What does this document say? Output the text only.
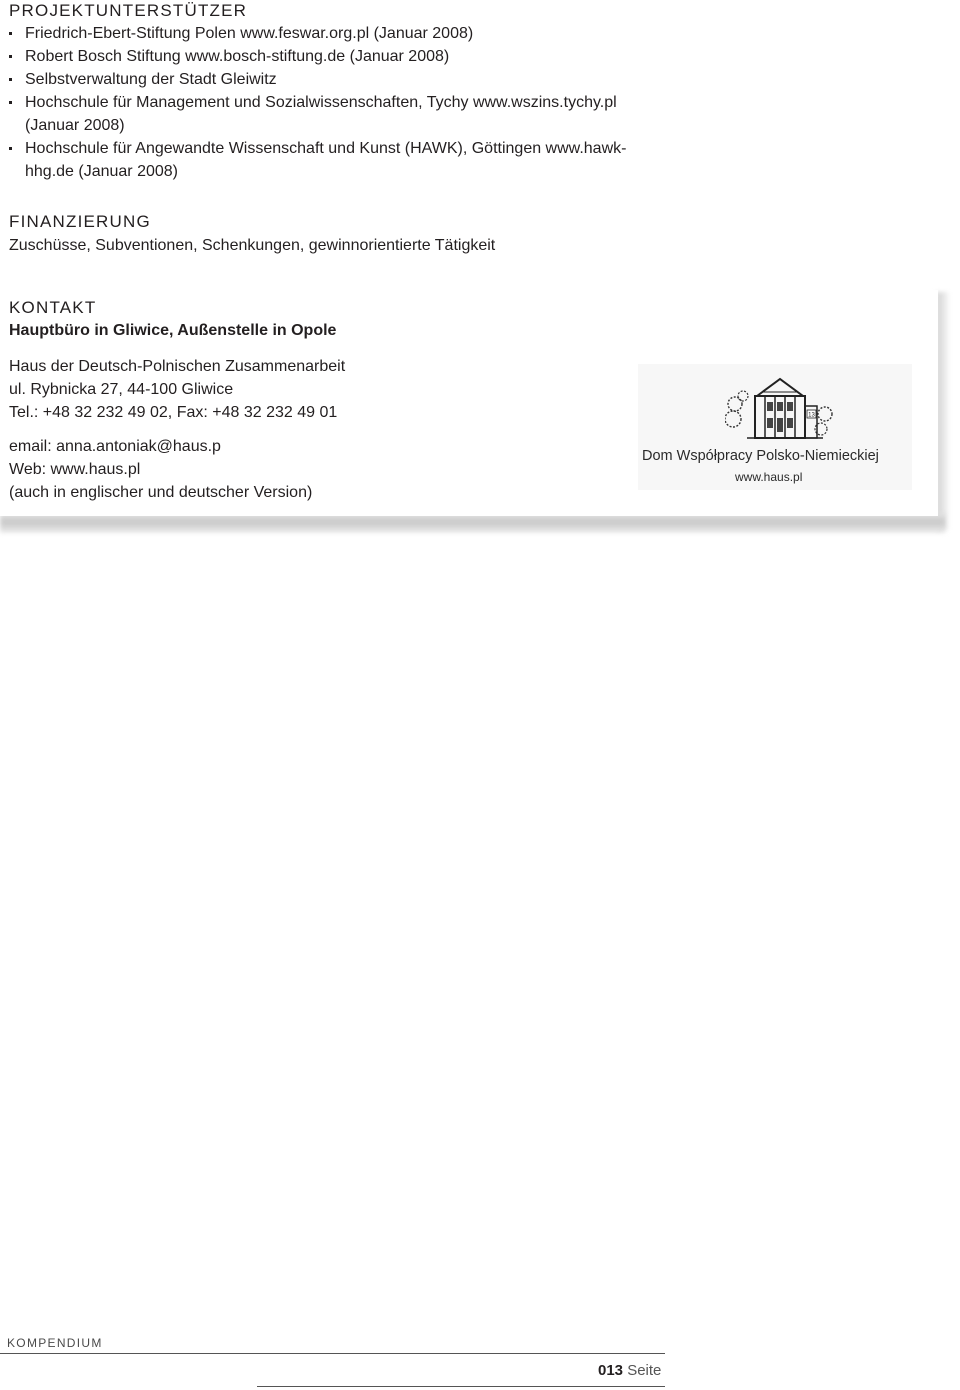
PROJEKTUNTERSTÜTZER
Friedrich-Ebert-Stiftung Polen www.feswar.org.pl (Januar 2008)
Robert Bosch Stiftung www.bosch-stiftung.de (Januar 2008)
Selbstverwaltung der Stadt Gleiwitz
Hochschule für Management und Sozialwissenschaften, Tychy www.wszins.tychy.pl (Januar 2008)
Hochschule für Angewandte Wissenschaft und Kunst (HAWK), Göttingen www.hawk-hhg.de (Januar 2008)
FINANZIERUNG

Zuschüsse, Subventionen, Schenkungen, gewinnorientierte Tätigkeit

KONTAKT

Hauptbüro in Gliwice, Außenstelle in Opole

Haus der Deutsch-Polnischen Zusammenarbeit
ul. Rybnicka 27, 44-100 Gliwice
Tel.: +48 32 232 49 02, Fax: +48 32 232 49 01
email: anna.antoniak@haus.p
Web: www.haus.pl
(auch in englischer und deutscher Version)
13
Dom Współpracy Polsko-Niemieckiej
www.haus.pl
KOMPENDIUM
013 Seite
